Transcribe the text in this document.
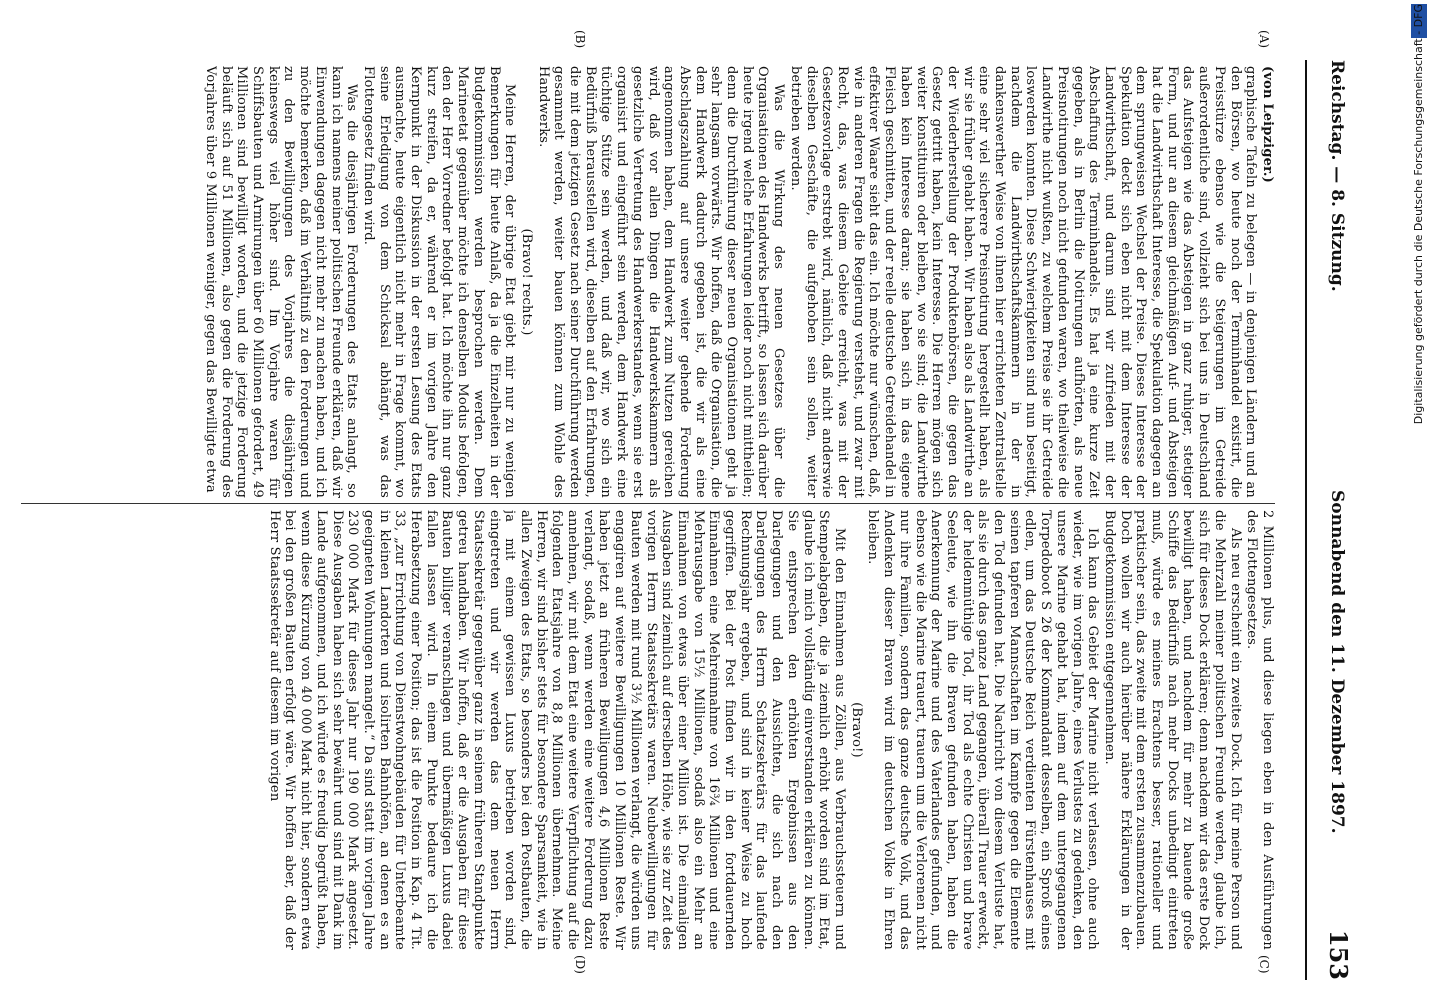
Reichstag. — 8. Sitzung.
Sonnabend den 11. Dezember 1897.
153
(A)
(B)
(C)
(D)

(von Leipziger.)

graphische Tafeln zu belegen — in denjenigen Ländern und an den Börsen, wo heute noch der Terminhandel existirt, die Preisstürze ebenso wie die Steigerungen im Getreide außerordentliche sind, vollzieht sich bei uns in Deutschland das Aufsteigen wie das Absteigen in ganz ruhiger, stetiger Form, und nur an diesem gleichmäßigen Auf- und Absteigen hat die Landwirthschaft Interesse, die Spekulation dagegen an dem sprungweisen Wechsel der Preise. Dieses Interesse der Spekulation deckt sich eben nicht mit dem Interesse der Landwirthschaft, und darum sind wir zufrieden mit der Abschaffung des Terminhandels. Es hat ja eine kurze Zeit gegeben, als in Berlin die Notirungen aufhörten, als neue Preisnotirungen noch nicht gefunden waren, wo theilweise die Landwirthe nicht wußten, zu welchem Preise sie ihr Getreide loswerden konnten. Diese Schwierigkeiten sind nun beseitigt, nachdem die Landwirthschaftskammern in der in dankenswerther Weise von ihnen hier errichteten Zentralstelle eine sehr viel sicherere Preisnotirung hergestellt haben, als wir sie früher gehabt haben. Wir haben also als Landwirthe an der Wiederherstellung der Produktenbörsen, die gegen das Gesetz getritt haben, kein Interesse. Die Herren mögen sich weiter konstituiren oder bleiben, wo sie sind; die Landwirthe haben kein Interesse daran; sie haben sich in das eigene Fleisch geschnitten, und der reelle deutsche Getreidehandel in effektiver Waare sieht das ein. Ich möchte nur wünschen, daß, wie in anderen Fragen die Regierung verstehst, und zwar mit Recht, das, was diesem Gebiete erreicht, was mit der Gesetzesvorlage erstrebt wird, nämlich, daß nicht anderswie dieselben Geschäfte, die aufgehoben sein sollen, weiter betrieben werden.

Was die Wirkung des neuen Gesetzes über die Organisationen des Handwerks betrifft, so lassen sich darüber heute irgend welche Erfahrungen leider noch nicht mittheilen; denn die Durchführung dieser neuen Organisationen geht ja sehr langsam vorwärts. Wir hoffen, daß die Organisation, die dem Handwerk dadurch gegeben ist, die wir als eine Abschlagszahlung auf unsere weiter gehende Forderung angenommen haben, dem Handwerk zum Nutzen gereichen wird, daß vor allen Dingen die Handwerkskammern als gesetzliche Vertretung des Handwerkerstandes, wenn sie erst organisirt und eingeführt sein werden, dem Handwerk eine tüchtige Stütze sein werden, und daß wir, wo sich ein Bedürfniß herausstellen wird, dieselben auf den Erfahrungen, die mit dem jetzigen Gesetz nach seiner Durchführung werden gesammelt werden, weiter bauen können zum Wohle des Handwerks.

(Bravo! rechts.)

Meine Herren, der übrige Etat giebt mir nur zu wenigen Bemerkungen für heute Anlaß, da ja die Einzelheiten in der Budgetkommission werden besprochen werden. Dem Marineetat gegenüber möchte ich denselben Modus befolgen, den der Herr Vorredner befolgt hat. Ich möchte ihn nur ganz kurz streifen, da er, während er im vorigen Jahre den Kernpunkt in der Diskussion in der ersten Lesung des Etats ausmachte, heute eigentlich nicht mehr in Frage kommt, wo seine Erledigung von dem Schicksal abhängt, was das Flottengesetz finden wird.

Was die diesjährigen Forderungen des Etats anlangt, so kann ich namens meiner politischen Freunde erklären, daß wir Einwendungen dagegen nicht mehr zu machen haben, und ich möchte bemerken, daß im Verhältniß zu den Forderungen und zu den Bewilligungen des Vorjahres die diesjährigen keineswegs viel höher sind. Im Vorjahre waren für Schiffsbauten und Armirungen über 60 Millionen gefordert, 49 Millionen sind bewilligt worden, und die jetzige Forderung beläuft sich auf 51 Millionen, also gegen die Forderung des Vorjahres über 9 Millionen weniger, gegen das Bewilligte etwa

2 Millionen plus, und diese liegen eben in den Ausführungen des Flottengesetzes.

Als neu erscheint ein zweites Dock. Ich für meine Person und die Mehrzahl meiner politischen Freunde werden, glaube ich, sich für dieses Dock erklären; denn nachdem wir das erste Dock bewilligt haben, und nachdem für mehr zu bauende große Schiffe das Bedürfniß nach mehr Docks unbedingt eintreten muß, würde es meines Erachtens besser, rationeller und praktischer sein, das zweite mit dem ersten zusammenzubauen. Doch wollen wir auch hierüber nähere Erklärungen in der Budgetkommission entgegennehmen.

Ich kann das Gebiet der Marine nicht verlassen, ohne auch wieder, wie im vorigen Jahre, eines Verlustes zu gedenken, den unsere Marine gehabt hat, indem auf dem untergegangenen Torpedoboot S 26 der Kommandant desselben, ein Sproß eines edlen, um das Deutsche Reich verdienten Fürstenhauses mit seinen tapferen Mannschaften im Kampfe gegen die Elemente den Tod gefunden hat. Die Nachricht von diesem Verluste hat, als sie durch das ganze Land gegangen, überall Trauer erweckt, der heldenmüthige Tod, ihr Tod als echte Christen und brave Seeleute, wie ihn die Braven gefunden haben, haben die Anerkennung der Marine und des Vaterlandes gefunden, und ebenso wie die Marine trauert, trauern um die Verlorenen nicht nur ihre Familien, sondern das ganze deutsche Volk, und das Andenken dieser Braven wird im deutschen Volke in Ehren bleiben.

(Bravo!)

Mit den Einnahmen aus Zöllen, aus Verbrauchssteuern und Stempelabgaben, die ja ziemlich erhöht worden sind im Etat, glaube ich mich vollständig einverstanden erklären zu können. Sie entsprechen den erhöhten Ergebnissen aus den Darlegungen und den Aussichten, die sich nach den Darlegungen des Herrn Schatzsekretärs für das laufende Rechnungsjahr ergeben, und sind in keiner Weise zu hoch gegriffen. Bei der Post finden wir in den fortdauernden Einnahmen eine Mehreinnahme von 16¾ Millionen und eine Mehrausgabe von 15½ Millionen, sodaß also ein Mehr an Einnahmen von etwas über einer Million ist. Die einmaligen Ausgaben sind ziemlich auf derselben Höhe, wie sie zur Zeit des vorigen Herrn Staatssekretärs waren. Neubewilligungen für Bauten werden mit rund 3½ Millionen verlangt, die würden uns engagiren auf weitere Bewilligungen 10 Millionen Reste. Wir haben jetzt an früheren Bewilligungen 4,6 Millionen Reste verlangt, sodaß, wenn werden eine weitere Forderung dazu annehmen, wir mit dem Etat eine weitere Verpflichtung auf die folgenden Etatsjahre von 8,8 Millionen übernehmen. Meine Herren, wir sind bisher stets für besondere Sparsamkeit, wie in allen Zweigen des Etats, so besonders bei den Postbauten, die ja mit einem gewissen Luxus betrieben worden sind, eingetreten und wir werden das dem neuen Herrn Staatssekretär gegenüber ganz in seinem früheren Standpunkte getreu handhaben. Wir hoffen, daß er die Ausgaben für diese Bauten billiger veranschlagen und übermäßigen Luxus dabei fallen lassen wird. In einem Punkte bedaure ich die Herabsetzung einer Position; das ist die Position in Kap. 4 Tit. 33, „zur Errichtung von Dienstwohngebäuden für Unterbeamte in kleinen Landorten und isolirten Bahnhöfen, an denen es an geeigneten Wohnungen mangelt.“ Da sind statt im vorigen Jahre 230 000 Mark für dieses Jahr nur 190 000 Mark angesetzt. Diese Ausgaben haben sich sehr bewährt und sind mit Dank im Lande aufgenommen, und ich würde es freudig begrüßt haben, wenn diese Kürzung von 40 000 Mark nicht hier, sondern etwa bei den großen Bauten erfolgt wäre. Wir hoffen aber, daß der Herr Staatssekretär auf diesem im vorigen

Digitalisierung gefördert durch die Deutsche Forschungsgemeinschaft - DFG
